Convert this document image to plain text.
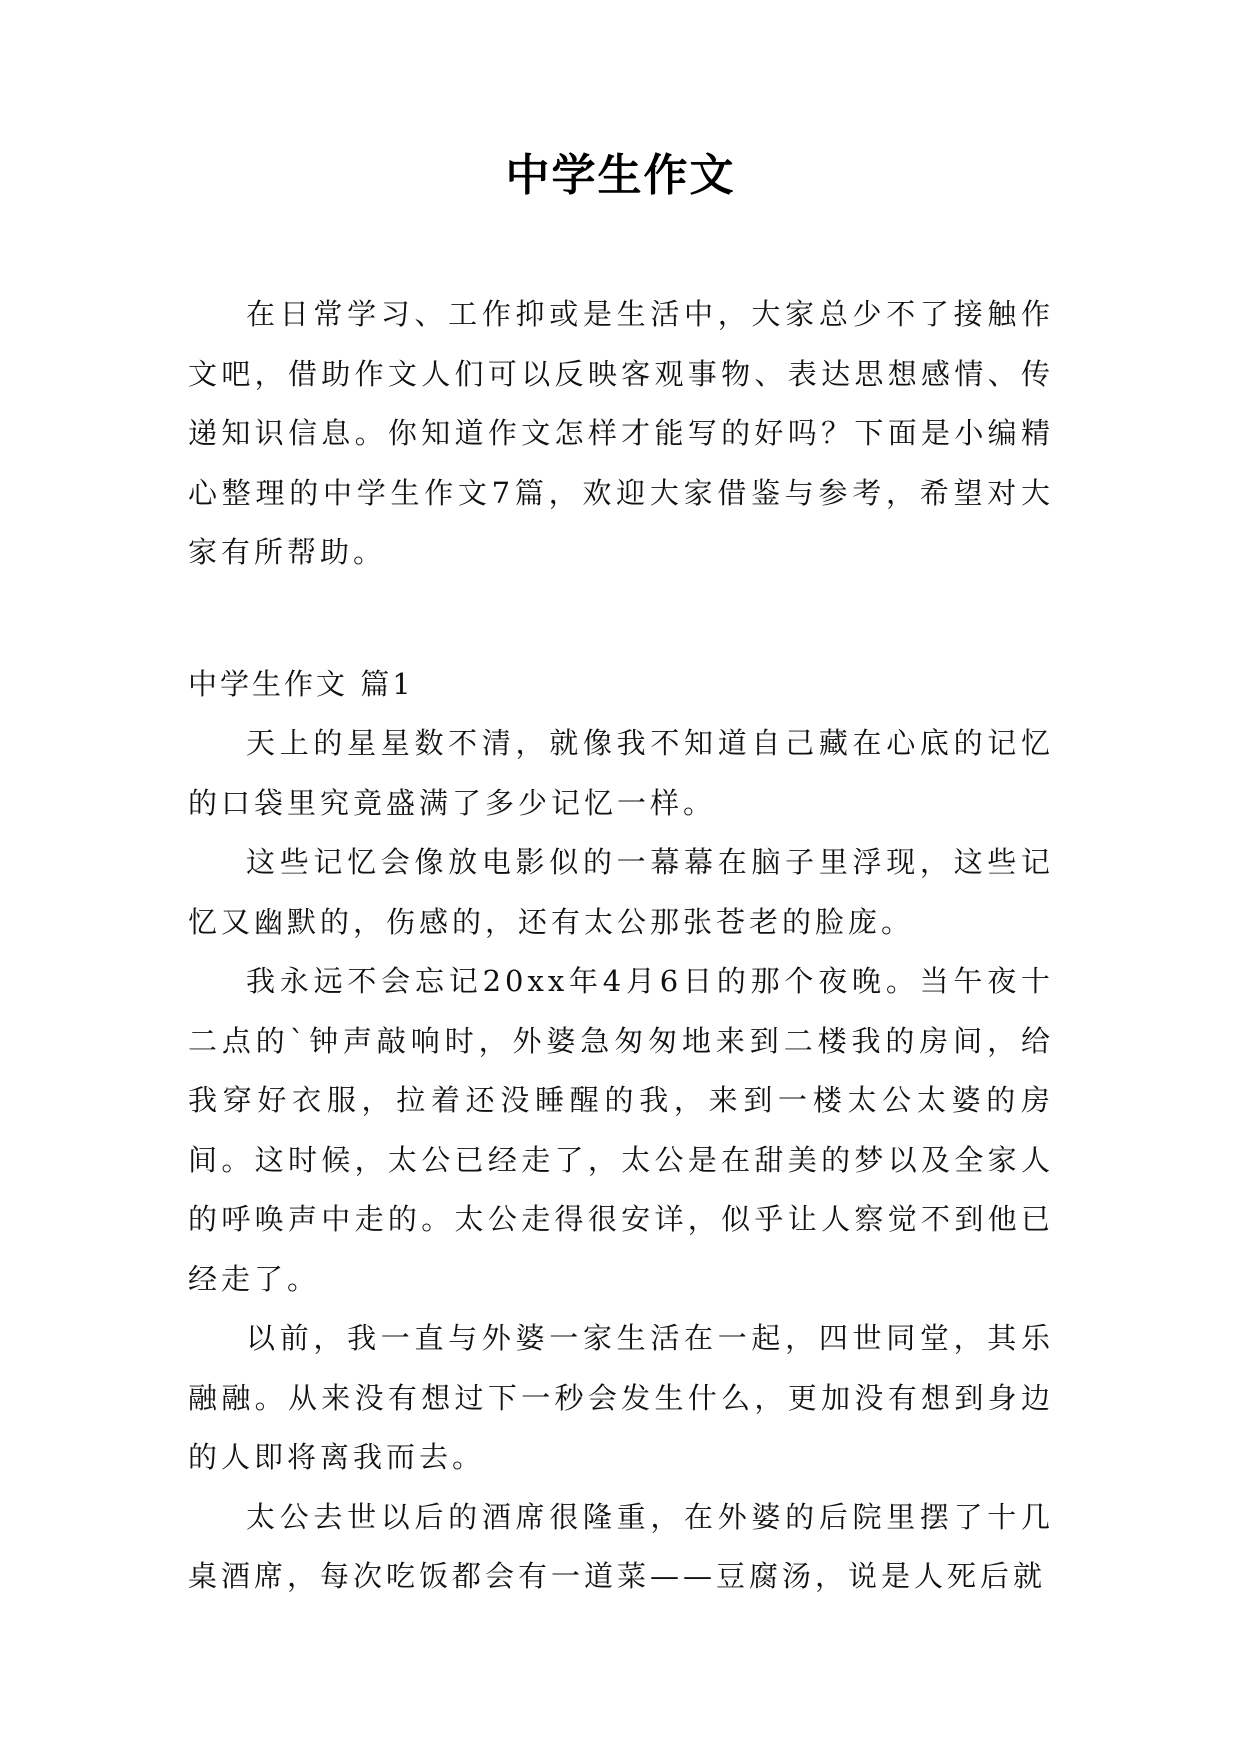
中学生作文

在日常学习、工作抑或是生活中，大家总少不了接触作文吧，借助作文人们可以反映客观事物、表达思想感情、传递知识信息。你知道作文怎样才能写的好吗？下面是小编精心整理的中学生作文7篇，欢迎大家借鉴与参考，希望对大家有所帮助。

中学生作文 篇1

天上的星星数不清，就像我不知道自己藏在心底的记忆的口袋里究竟盛满了多少记忆一样。

这些记忆会像放电影似的一幕幕在脑子里浮现，这些记忆又幽默的，伤感的，还有太公那张苍老的脸庞。

我永远不会忘记20xx年4月6日的那个夜晚。当午夜十二点的`钟声敲响时，外婆急匆匆地来到二楼我的房间，给我穿好衣服，拉着还没睡醒的我，来到一楼太公太婆的房间。这时候，太公已经走了，太公是在甜美的梦以及全家人的呼唤声中走的。太公走得很安详，似乎让人察觉不到他已经走了。

以前，我一直与外婆一家生活在一起，四世同堂，其乐融融。从来没有想过下一秒会发生什么，更加没有想到身边的人即将离我而去。

太公去世以后的酒席很隆重，在外婆的后院里摆了十几桌酒席，每次吃饭都会有一道菜——豆腐汤，说是人死后就
